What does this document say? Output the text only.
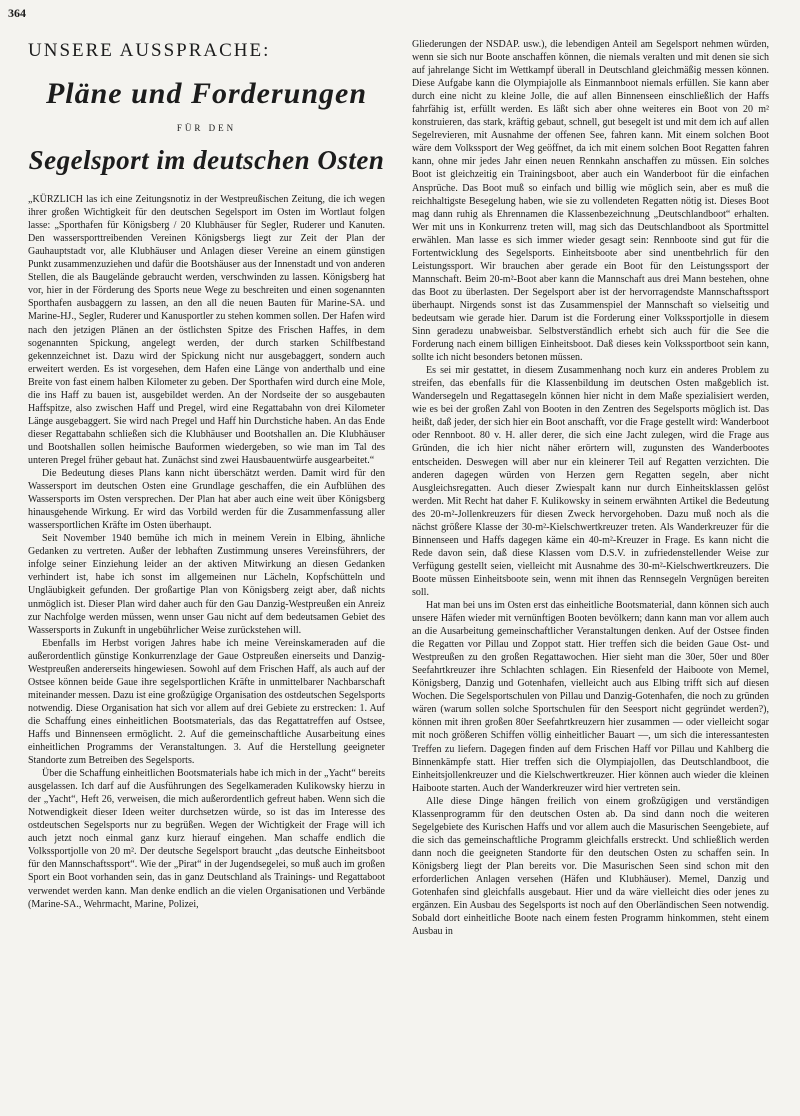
364
UNSERE AUSSPRACHE:
Pläne und Forderungen
FÜR DEN
Segelsport im deutschen Osten

„KÜRZLICH las ich eine Zeitungsnotiz in der Westpreußischen Zeitung, die ich wegen ihrer großen Wichtigkeit für den deutschen Segelsport im Osten im Wortlaut folgen lasse: „Sporthafen für Königsberg / 20 Klubhäuser für Segler, Ruderer und Kanuten. Den wassersporttreibenden Vereinen Königsbergs liegt zur Zeit der Plan der Gauhauptstadt vor, alle Klubhäuser und Anlagen dieser Vereine an einem günstigen Punkt zusammenzuziehen und dafür die Bootshäuser aus der Innenstadt und von anderen Stellen, die als Baugelände gebraucht werden, verschwinden zu lassen. Königsberg hat vor, hier in der Förderung des Sports neue Wege zu beschreiten und einen sogenannten Sporthafen ausbaggern zu lassen, an den all die neuen Bauten für Marine-SA. und Marine-HJ., Segler, Ruderer und Kanusportler zu stehen kommen sollen. Der Hafen wird nach den jetzigen Plänen an der östlichsten Spitze des Frischen Haffes, in dem sogenannten Spickung, angelegt werden, der durch starken Schilfbestand gekennzeichnet ist. Dazu wird der Spickung nicht nur ausgebaggert, sondern auch erweitert werden. Es ist vorgesehen, dem Hafen eine Länge von anderthalb und eine Breite von fast einem halben Kilometer zu geben. Der Sporthafen wird durch eine Mole, die ins Haff zu bauen ist, ausgebildet werden. An der Nordseite der so ausgebauten Haffspitze, also zwischen Haff und Pregel, wird eine Regattabahn von drei Kilometer Länge ausgebaggert. Sie wird nach Pregel und Haff hin Durchstiche haben. An das Ende dieser Regattabahn schließen sich die Klubhäuser und Bootshallen an. Die Klubhäuser und Bootshallen sollen heimische Bauformen wiedergeben, so wie man im Tal des unteren Pregel früher gebaut hat. Zunächst sind zwei Hausbauentwürfe ausgearbeitet.“

Die Bedeutung dieses Plans kann nicht überschätzt werden. Damit wird für den Wassersport im deutschen Osten eine Grundlage geschaffen, die ein Aufblühen des Wassersports im Osten versprechen. Der Plan hat aber auch eine weit über Königsberg hinausgehende Wirkung. Er wird das Vorbild werden für die Zusammenfassung aller wassersportlichen Kräfte im Osten überhaupt.

Seit November 1940 bemühe ich mich in meinem Verein in Elbing, ähnliche Gedanken zu vertreten. Außer der lebhaften Zustimmung unseres Vereinsführers, der infolge seiner Einziehung leider an der aktiven Mitwirkung an diesen Gedanken verhindert ist, habe ich sonst im allgemeinen nur Lächeln, Kopfschütteln und Ungläubigkeit gefunden. Der großartige Plan von Königsberg zeigt aber, daß nichts unmöglich ist. Dieser Plan wird daher auch für den Gau Danzig-Westpreußen ein Anreiz zur Nachfolge werden müssen, wenn unser Gau nicht auf dem bedeutsamen Gebiet des Wassersports in Zukunft in ungebührlicher Weise zurückstehen will.

Ebenfalls im Herbst vorigen Jahres habe ich meine Vereinskameraden auf die außerordentlich günstige Konkurrenzlage der Gaue Ostpreußen einerseits und Danzig-Westpreußen andererseits hingewiesen. Sowohl auf dem Frischen Haff, als auch auf der Ostsee können beide Gaue ihre segelsportlichen Kräfte in unmittelbarer Nachbarschaft miteinander messen. Dazu ist eine großzügige Organisation des ostdeutschen Segelsports notwendig. Diese Organisation hat sich vor allem auf drei Gebiete zu erstrecken: 1. Auf die Schaffung eines einheitlichen Bootsmaterials, das das Regattatreffen auf Ostsee, Haffs und Binnenseen ermöglicht. 2. Auf die gemeinschaftliche Ausarbeitung eines einheitlichen Programms der Veranstaltungen. 3. Auf die Herstellung geeigneter Standorte zum Betreiben des Segelsports.

Über die Schaffung einheitlichen Bootsmaterials habe ich mich in der „Yacht“ bereits ausgelassen. Ich darf auf die Ausführungen des Segelkameraden Kulikowsky hierzu in der „Yacht“, Heft 26, verweisen, die mich außerordentlich gefreut haben. Wenn sich die Notwendigkeit dieser Ideen weiter durchsetzen würde, so ist das im Interesse des ostdeutschen Segelsports nur zu begrüßen. Wegen der Wichtigkeit der Frage will ich auch jetzt noch einmal ganz kurz hierauf eingehen. Man schaffe endlich die Volkssportjolle von 20 m². Der deutsche Segelsport braucht „das deutsche Einheitsboot für den Mannschaftssport“. Wie der „Pirat“ in der Jugendsegelei, so muß auch im großen Sport ein Boot vorhanden sein, das in ganz Deutschland als Trainings- und Regattaboot verwendet werden kann. Man denke endlich an die vielen Organisationen und Verbände (Marine-SA., Wehrmacht, Marine, Polizei,

Gliederungen der NSDAP. usw.), die lebendigen Anteil am Segelsport nehmen würden, wenn sie sich nur Boote anschaffen können, die niemals veralten und mit denen sie sich auf jahrelange Sicht im Wettkampf überall in Deutschland gleichmäßig messen können. Diese Aufgabe kann die Olympiajolle als Einmannboot niemals erfüllen. Sie kann aber durch eine nicht zu kleine Jolle, die auf allen Binnenseen einschließlich der Haffs fahrfähig ist, erfüllt werden. Es läßt sich aber ohne weiteres ein Boot von 20 m² konstruieren, das stark, kräftig gebaut, schnell, gut besegelt ist und mit dem ich auf allen Segelrevieren, mit Ausnahme der offenen See, fahren kann. Mit einem solchen Boot wäre dem Volkssport der Weg geöffnet, da ich mit einem solchen Boot Regatten fahren kann, ohne mir jedes Jahr einen neuen Rennkahn anschaffen zu müssen. Ein solches Boot ist gleichzeitig ein Trainingsboot, aber auch ein Wanderboot für die einfachen Ansprüche. Das Boot muß so einfach und billig wie möglich sein, aber es muß die reichhaltigste Besegelung haben, wie sie zu vollendeten Regatten nötig ist. Dieses Boot mag dann ruhig als Ehrennamen die Klassenbezeichnung „Deutschlandboot“ erhalten. Wer mit uns in Konkurrenz treten will, mag sich das Deutschlandboot als Sportmittel erwählen. Man lasse es sich immer wieder gesagt sein: Rennboote sind gut für die Fortentwicklung des Segelsports. Einheitsboote aber sind unentbehrlich für den Leistungssport. Wir brauchen aber gerade ein Boot für den Leistungssport der Mannschaft. Beim 20-m²-Boot aber kann die Mannschaft aus drei Mann bestehen, ohne das Boot zu überlasten. Der Segelsport aber ist der hervorragendste Mannschaftssport überhaupt. Nirgends sonst ist das Zusammenspiel der Mannschaft so vielseitig und bedeutsam wie gerade hier. Darum ist die Forderung einer Volkssportjolle in diesem Sinn geradezu unabweisbar. Selbstverständlich erhebt sich auch für die See die Forderung nach einem billigen Einheitsboot. Daß dieses kein Volkssportboot sein kann, sollte ich nicht besonders betonen müssen.

Es sei mir gestattet, in diesem Zusammenhang noch kurz ein anderes Problem zu streifen, das ebenfalls für die Klassenbildung im deutschen Osten maßgeblich ist. Wandersegeln und Regattasegeln können hier nicht in dem Maße spezialisiert werden, wie es bei der großen Zahl von Booten in den Zentren des Segelsports möglich ist. Das heißt, daß jeder, der sich hier ein Boot anschafft, vor die Frage gestellt wird: Wanderboot oder Rennboot. 80 v. H. aller derer, die sich eine Jacht zulegen, wird die Frage aus Gründen, die ich hier nicht näher erörtern will, zugunsten des Wanderbootes entscheiden. Deswegen will aber nur ein kleinerer Teil auf Regatten verzichten. Die anderen dagegen würden von Herzen gern Regatten segeln, aber nicht Ausgleichsregatten. Auch dieser Zwiespalt kann nur durch Einheitsklassen gelöst werden. Mit Recht hat daher F. Kulikowsky in seinem erwähnten Artikel die Bedeutung des 20-m²-Jollenkreuzers für diesen Zweck hervorgehoben. Dazu muß noch als die nächst größere Klasse der 30-m²-Kielschwertkreuzer treten. Als Wanderkreuzer für die Binnenseen und Haffs dagegen käme ein 40-m²-Kreuzer in Frage. Es kann nicht die Rede davon sein, daß diese Klassen vom D.S.V. in zufriedenstellender Weise zur Verfügung gestellt seien, vielleicht mit Ausnahme des 30-m²-Kielschwertkreuzers. Die Boote müssen Einheitsboote sein, wenn mit ihnen das Rennsegeln Vergnügen bereiten soll.

Hat man bei uns im Osten erst das einheitliche Bootsmaterial, dann können sich auch unsere Häfen wieder mit vernünftigen Booten bevölkern; dann kann man vor allem auch an die Ausarbeitung gemeinschaftlicher Veranstaltungen denken. Auf der Ostsee finden die Regatten vor Pillau und Zoppot statt. Hier treffen sich die beiden Gaue Ost- und Westpreußen zu den großen Regattawochen. Hier sieht man die 30er, 50er und 80er Seefahrtkreuzer ihre Schlachten schlagen. Ein Riesenfeld der Haiboote von Memel, Königsberg, Danzig und Gotenhafen, vielleicht auch aus Elbing trifft sich auf diesen Wochen. Die Segelsportschulen von Pillau und Danzig-Gotenhafen, die noch zu gründen wären (warum sollen solche Sportschulen für den Seesport nicht gegründet werden?), können mit ihren großen 80er Seefahrtkreuzern hier zusammen — oder vielleicht sogar mit noch größeren Schiffen völlig einheitlicher Bauart —, um sich die interessantesten Treffen zu liefern. Dagegen finden auf dem Frischen Haff vor Pillau und Kahlberg die Binnenkämpfe statt. Hier treffen sich die Olympiajollen, das Deutschlandboot, die Einheitsjollenkreuzer und die Kielschwertkreuzer. Hier können auch wieder die kleinen Haiboote starten. Auch der Wanderkreuzer wird hier vertreten sein.

Alle diese Dinge hängen freilich von einem großzügigen und verständigen Klassenprogramm für den deutschen Osten ab. Da sind dann noch die weiteren Segelgebiete des Kurischen Haffs und vor allem auch die Masurischen Seengebiete, auf die sich das gemeinschaftliche Programm gleichfalls erstreckt. Und schließlich werden dann noch die geeigneten Standorte für den deutschen Osten zu schaffen sein. In Königsberg liegt der Plan bereits vor. Die Masurischen Seen sind schon mit den erforderlichen Anlagen versehen (Häfen und Klubhäuser). Memel, Danzig und Gotenhafen sind gleichfalls ausgebaut. Hier und da wäre vielleicht dies oder jenes zu ergänzen. Ein Ausbau des Segelsports ist noch auf den Oberländischen Seen notwendig. Sobald dort einheitliche Boote nach einem festen Programm hinkommen, steht einem Ausbau in
